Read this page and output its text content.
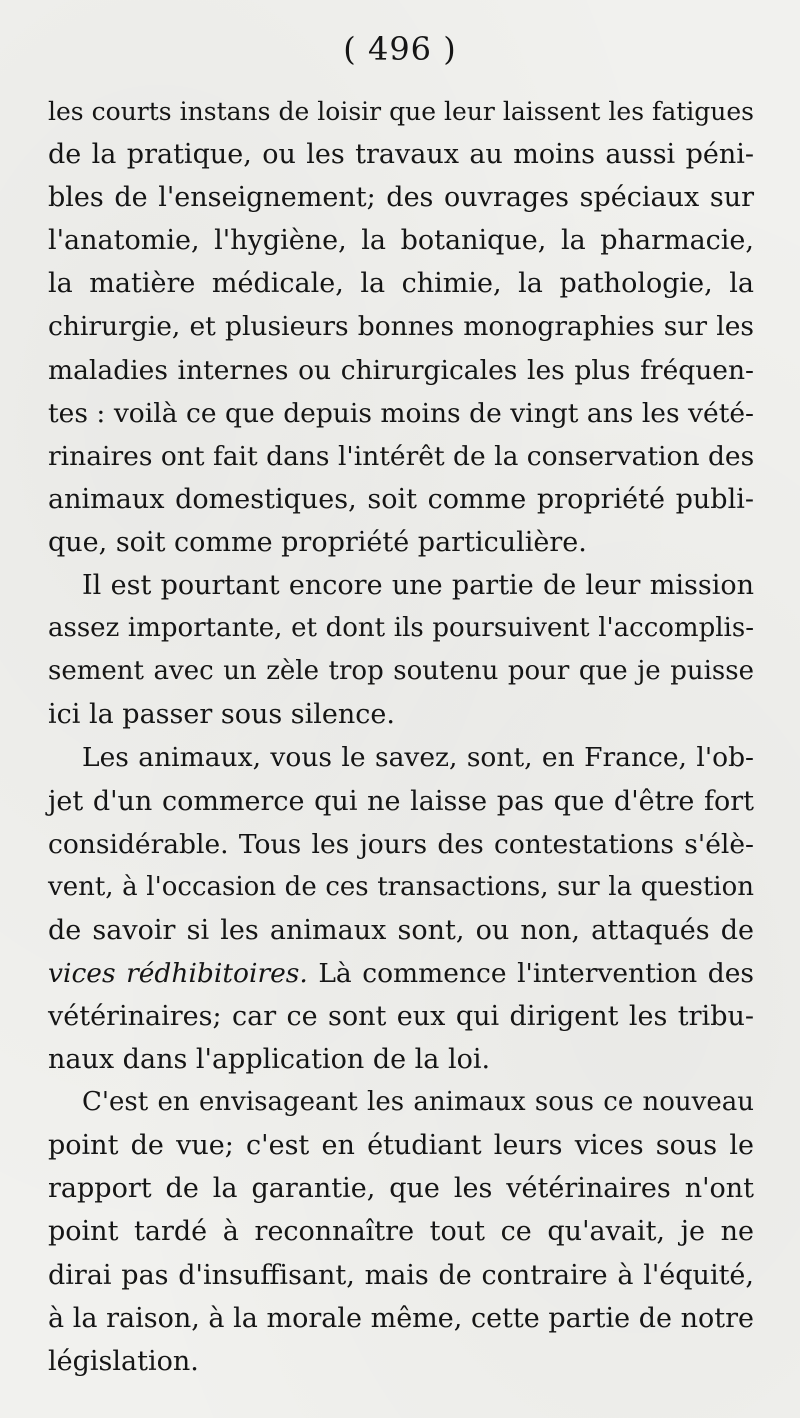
( 496 )
les courts instans de loisir que leur laissent les fatigues
de la pratique, ou les travaux au moins aussi péni-
bles de l'enseignement; des ouvrages spéciaux sur
l'anatomie, l'hygiène, la botanique, la pharmacie,
la matière médicale, la chimie, la pathologie, la
chirurgie, et plusieurs bonnes monographies sur les
maladies internes ou chirurgicales les plus fréquen-
tes : voilà ce que depuis moins de vingt ans les vété-
rinaires ont fait dans l'intérêt de la conservation des
animaux domestiques, soit comme propriété publi-
que, soit comme propriété particulière.
Il est pourtant encore une partie de leur mission
assez importante, et dont ils poursuivent l'accomplis-
sement avec un zèle trop soutenu pour que je puisse
ici la passer sous silence.
Les animaux, vous le savez, sont, en France, l'ob-
jet d'un commerce qui ne laisse pas que d'être fort
considérable. Tous les jours des contestations s'élè-
vent, à l'occasion de ces transactions, sur la question
de savoir si les animaux sont, ou non, attaqués de
vices rédhibitoires. Là commence l'intervention des
vétérinaires; car ce sont eux qui dirigent les tribu-
naux dans l'application de la loi.
C'est en envisageant les animaux sous ce nouveau
point de vue; c'est en étudiant leurs vices sous le
rapport de la garantie, que les vétérinaires n'ont
point tardé à reconnaître tout ce qu'avait, je ne
dirai pas d'insuffisant, mais de contraire à l'équité,
à la raison, à la morale même, cette partie de notre
législation.
